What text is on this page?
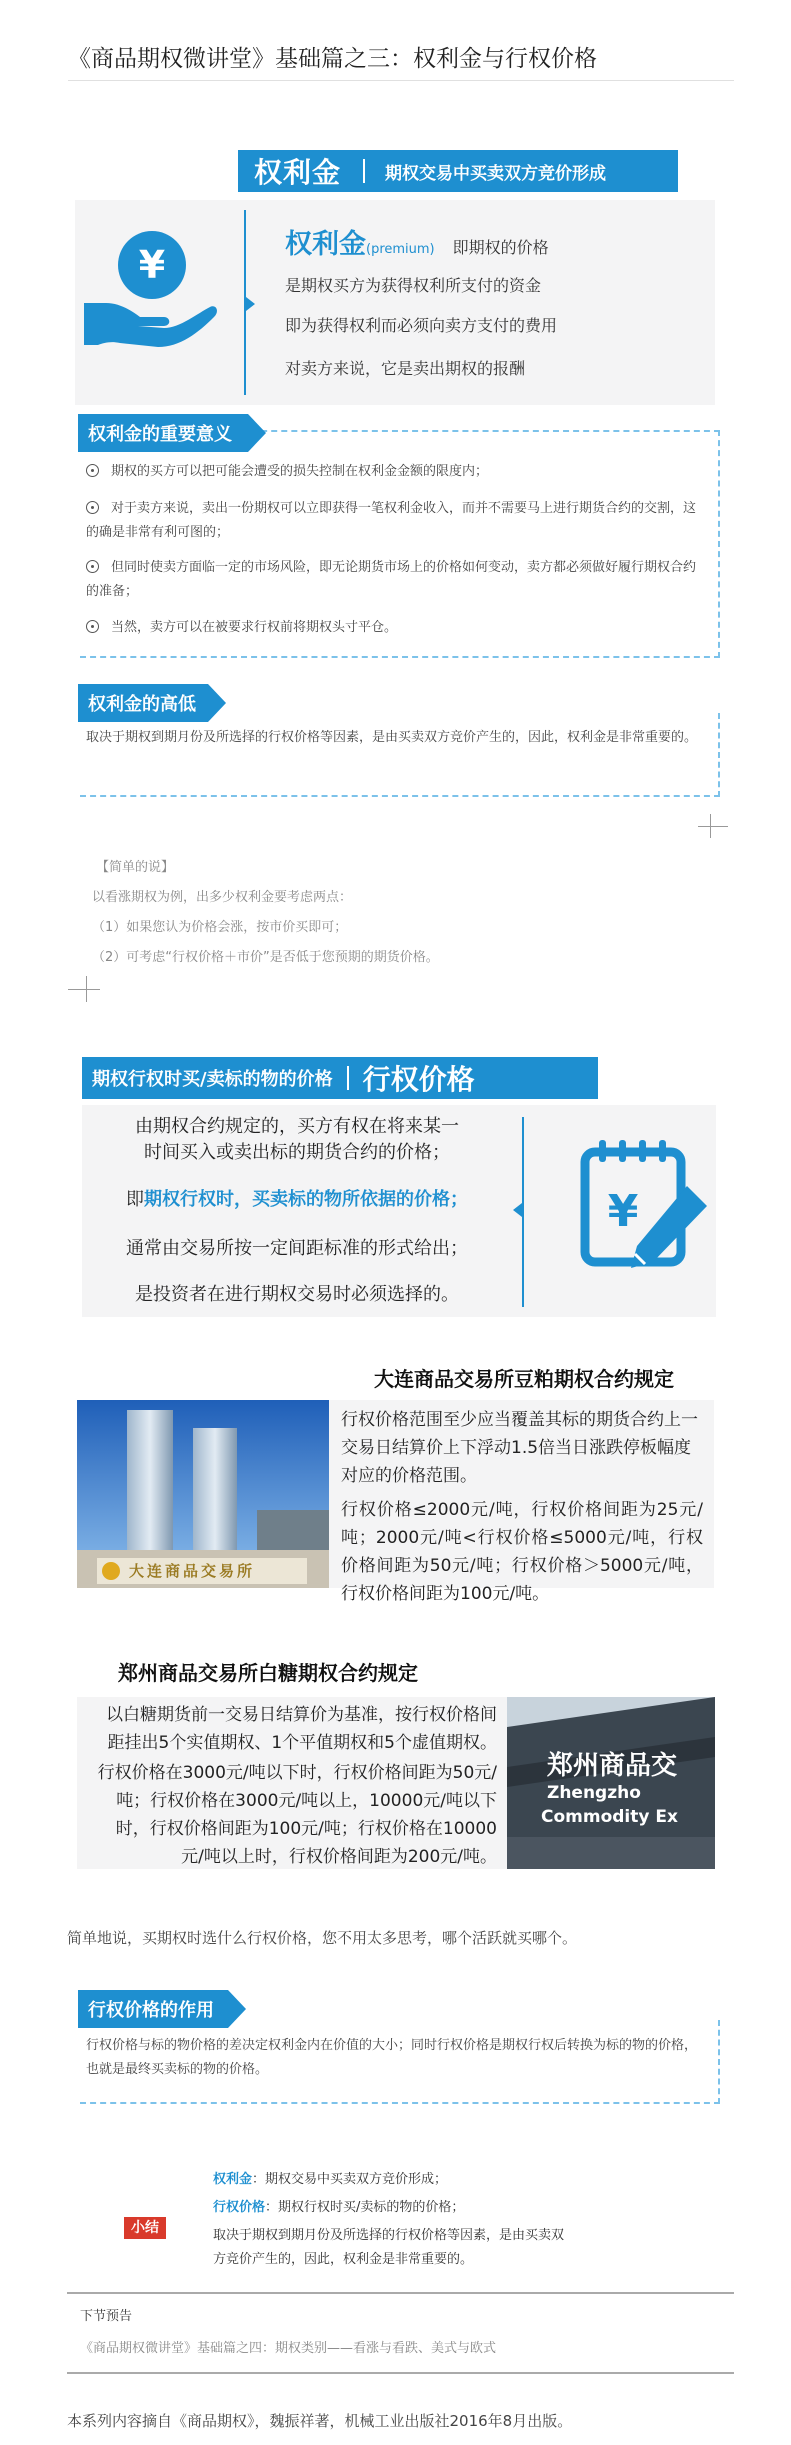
《商品期权微讲堂》基础篇之三：权利金与行权价格
权利金	期权交易中买卖双方竞价形成
¥	权利金(premium) 即期权的价格
是期权买方为获得权利所支付的资金
即为获得权利而必须向卖方支付的费用
对卖方来说，它是卖出期权的报酬
权利金的重要意义
期权的买方可以把可能会遭受的损失控制在权利金金额的限度内；
对于卖方来说，卖出一份期权可以立即获得一笔权利金收入，而并不需要马上进行期货合约的交割，这的确是非常有利可图的；
但同时使卖方面临一定的市场风险，即无论期货市场上的价格如何变动，卖方都必须做好履行期权合约的准备；
当然，卖方可以在被要求行权前将期权头寸平仓。
权利金的高低
取决于期权到期月份及所选择的行权价格等因素，是由买卖双方竞价产生的，因此，权利金是非常重要的。
【简单的说】
以看涨期权为例，出多少权利金要考虑两点：
（1）如果您认为价格会涨，按市价买即可；
（2）可考虑“行权价格＋市价”是否低于您预期的期货价格。
期权行权时买/卖标的物的价格 行权价格
由期权合约规定的，买方有权在将来某一
时间买入或卖出标的期货合约的价格；
即期权行权时，买卖标的物所依据的价格；
通常由交易所按一定间距标准的形式给出；
是投资者在进行期权交易时必须选择的。
¥
大连商品交易所豆粕期权合约规定
大连商品交易所
行权价格范围至少应当覆盖其标的期货合约上一交易日结算价上下浮动1.5倍当日涨跌停板幅度对应的价格范围。
行权价格≤2000元/吨，行权价格间距为25元/吨；2000元/吨<行权价格≤5000元/吨，行权价格间距为50元/吨；行权价格＞5000元/吨，行权价格间距为100元/吨。
郑州商品交易所白糖期权合约规定
以白糖期货前一交易日结算价为基准，按行权价格间距挂出5个实值期权、1个平值期权和5个虚值期权。
行权价格在3000元/吨以下时，行权价格间距为50元/吨；行权价格在3000元/吨以上，10000元/吨以下时，行权价格间距为100元/吨；行权价格在10000元/吨以上时，行权价格间距为200元/吨。
郑州商品交
Zhengzho
Commodity Ex
简单地说，买期权时选什么行权价格，您不用太多思考，哪个活跃就买哪个。
行权价格的作用
行权价格与标的物价格的差决定权利金内在价值的大小；同时行权价格是期权行权后转换为标的物的价格，也就是最终买卖标的物的价格。
小结
权利金：期权交易中买卖双方竞价形成；
行权价格：期权行权时买/卖标的物的价格；
取决于期权到期月份及所选择的行权价格等因素，是由买卖双
方竞价产生的，因此，权利金是非常重要的。
下节预告
《商品期权微讲堂》基础篇之四：期权类别——看涨与看跌、美式与欧式
本系列内容摘自《商品期权》，魏振祥著，机械工业出版社2016年8月出版。
